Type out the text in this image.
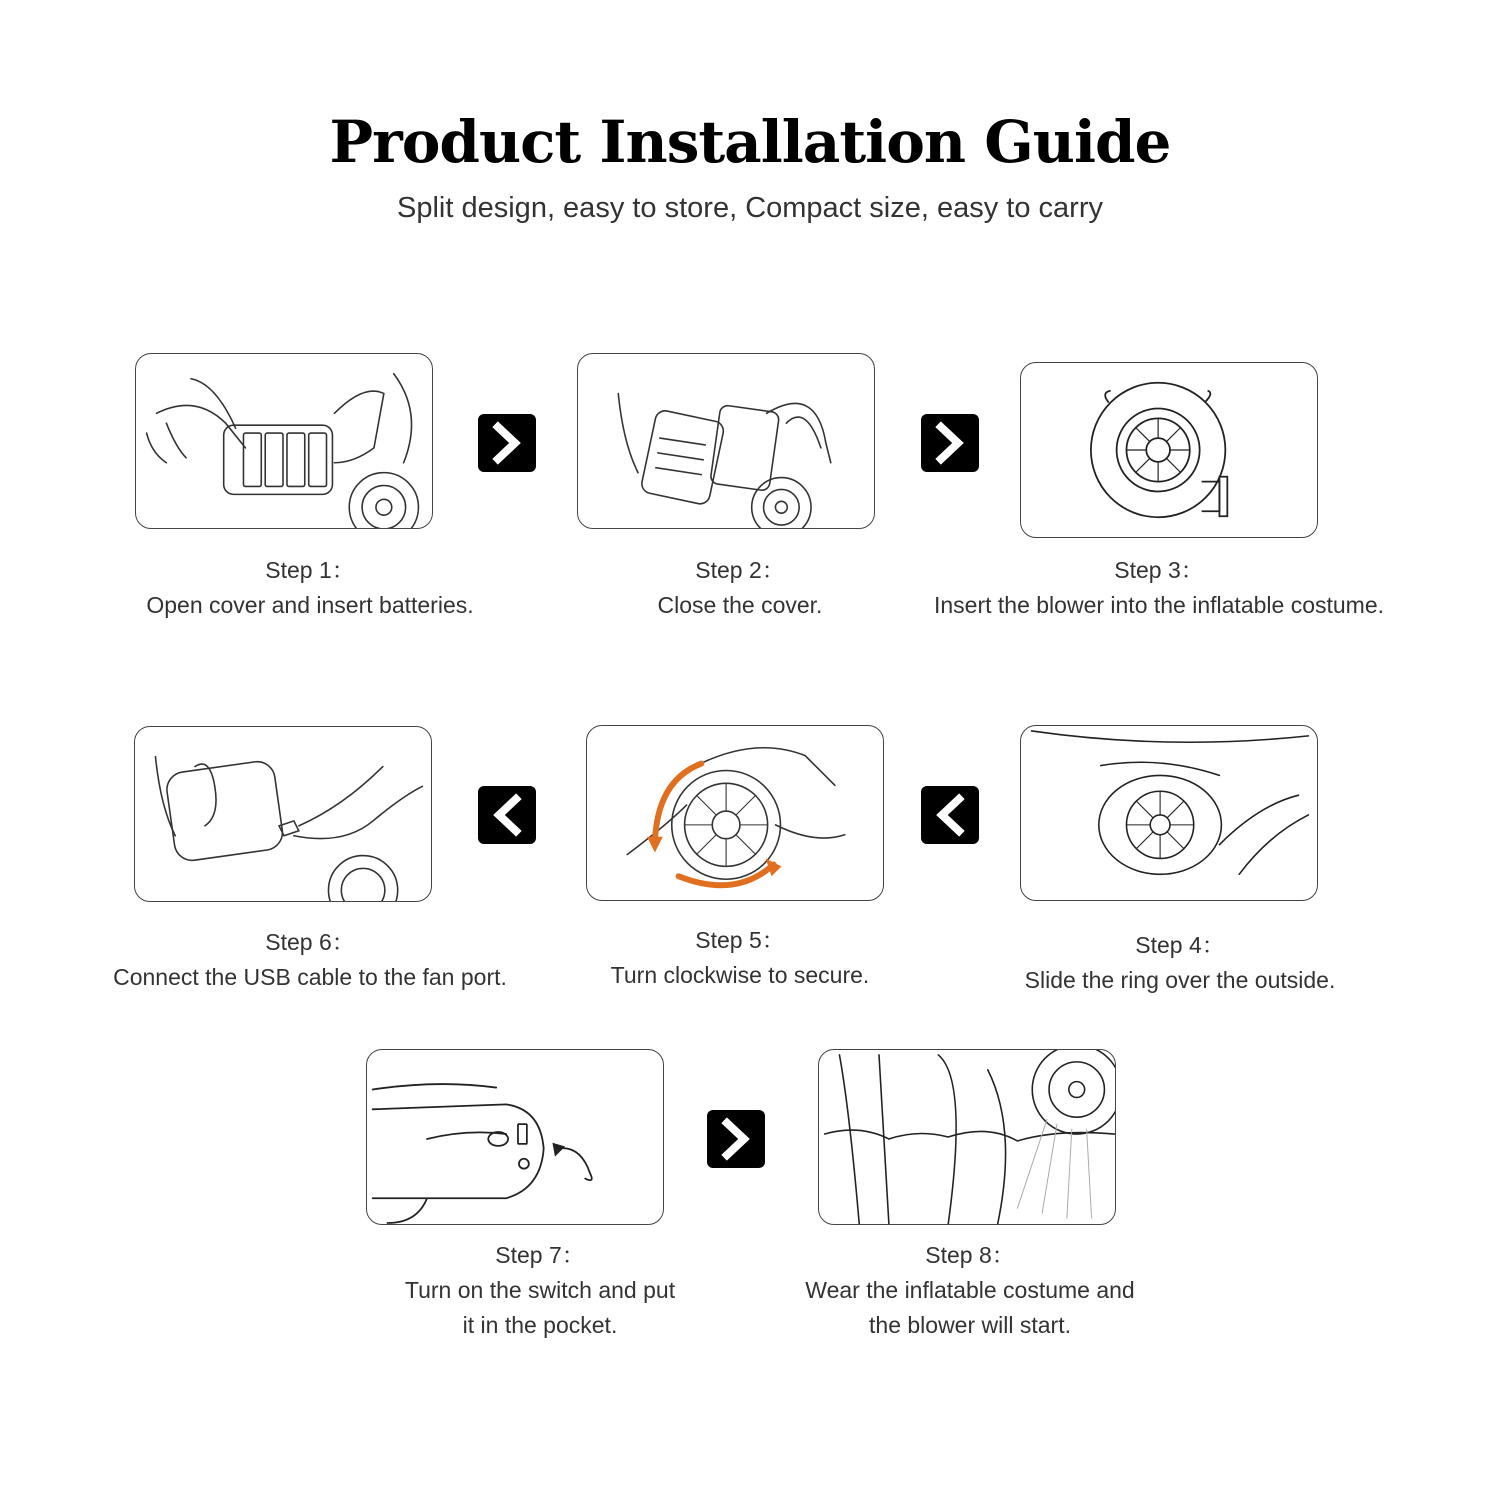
Product Installation Guide

Split design, easy to store, Compact size, easy to carry

Step 1：
Open cover and insert batteries.
Step 2：
Close the cover.
Step 3：
Insert the blower into the inflatable costume.
Step 6：
Connect the USB cable to the fan port.
Step 5：
Turn clockwise to secure.
Step 4：
Slide the ring over the outside.
Step 7：
Turn on the switch and put
it in the pocket.
Step 8：
Wear the inflatable costume and
the blower will start.
